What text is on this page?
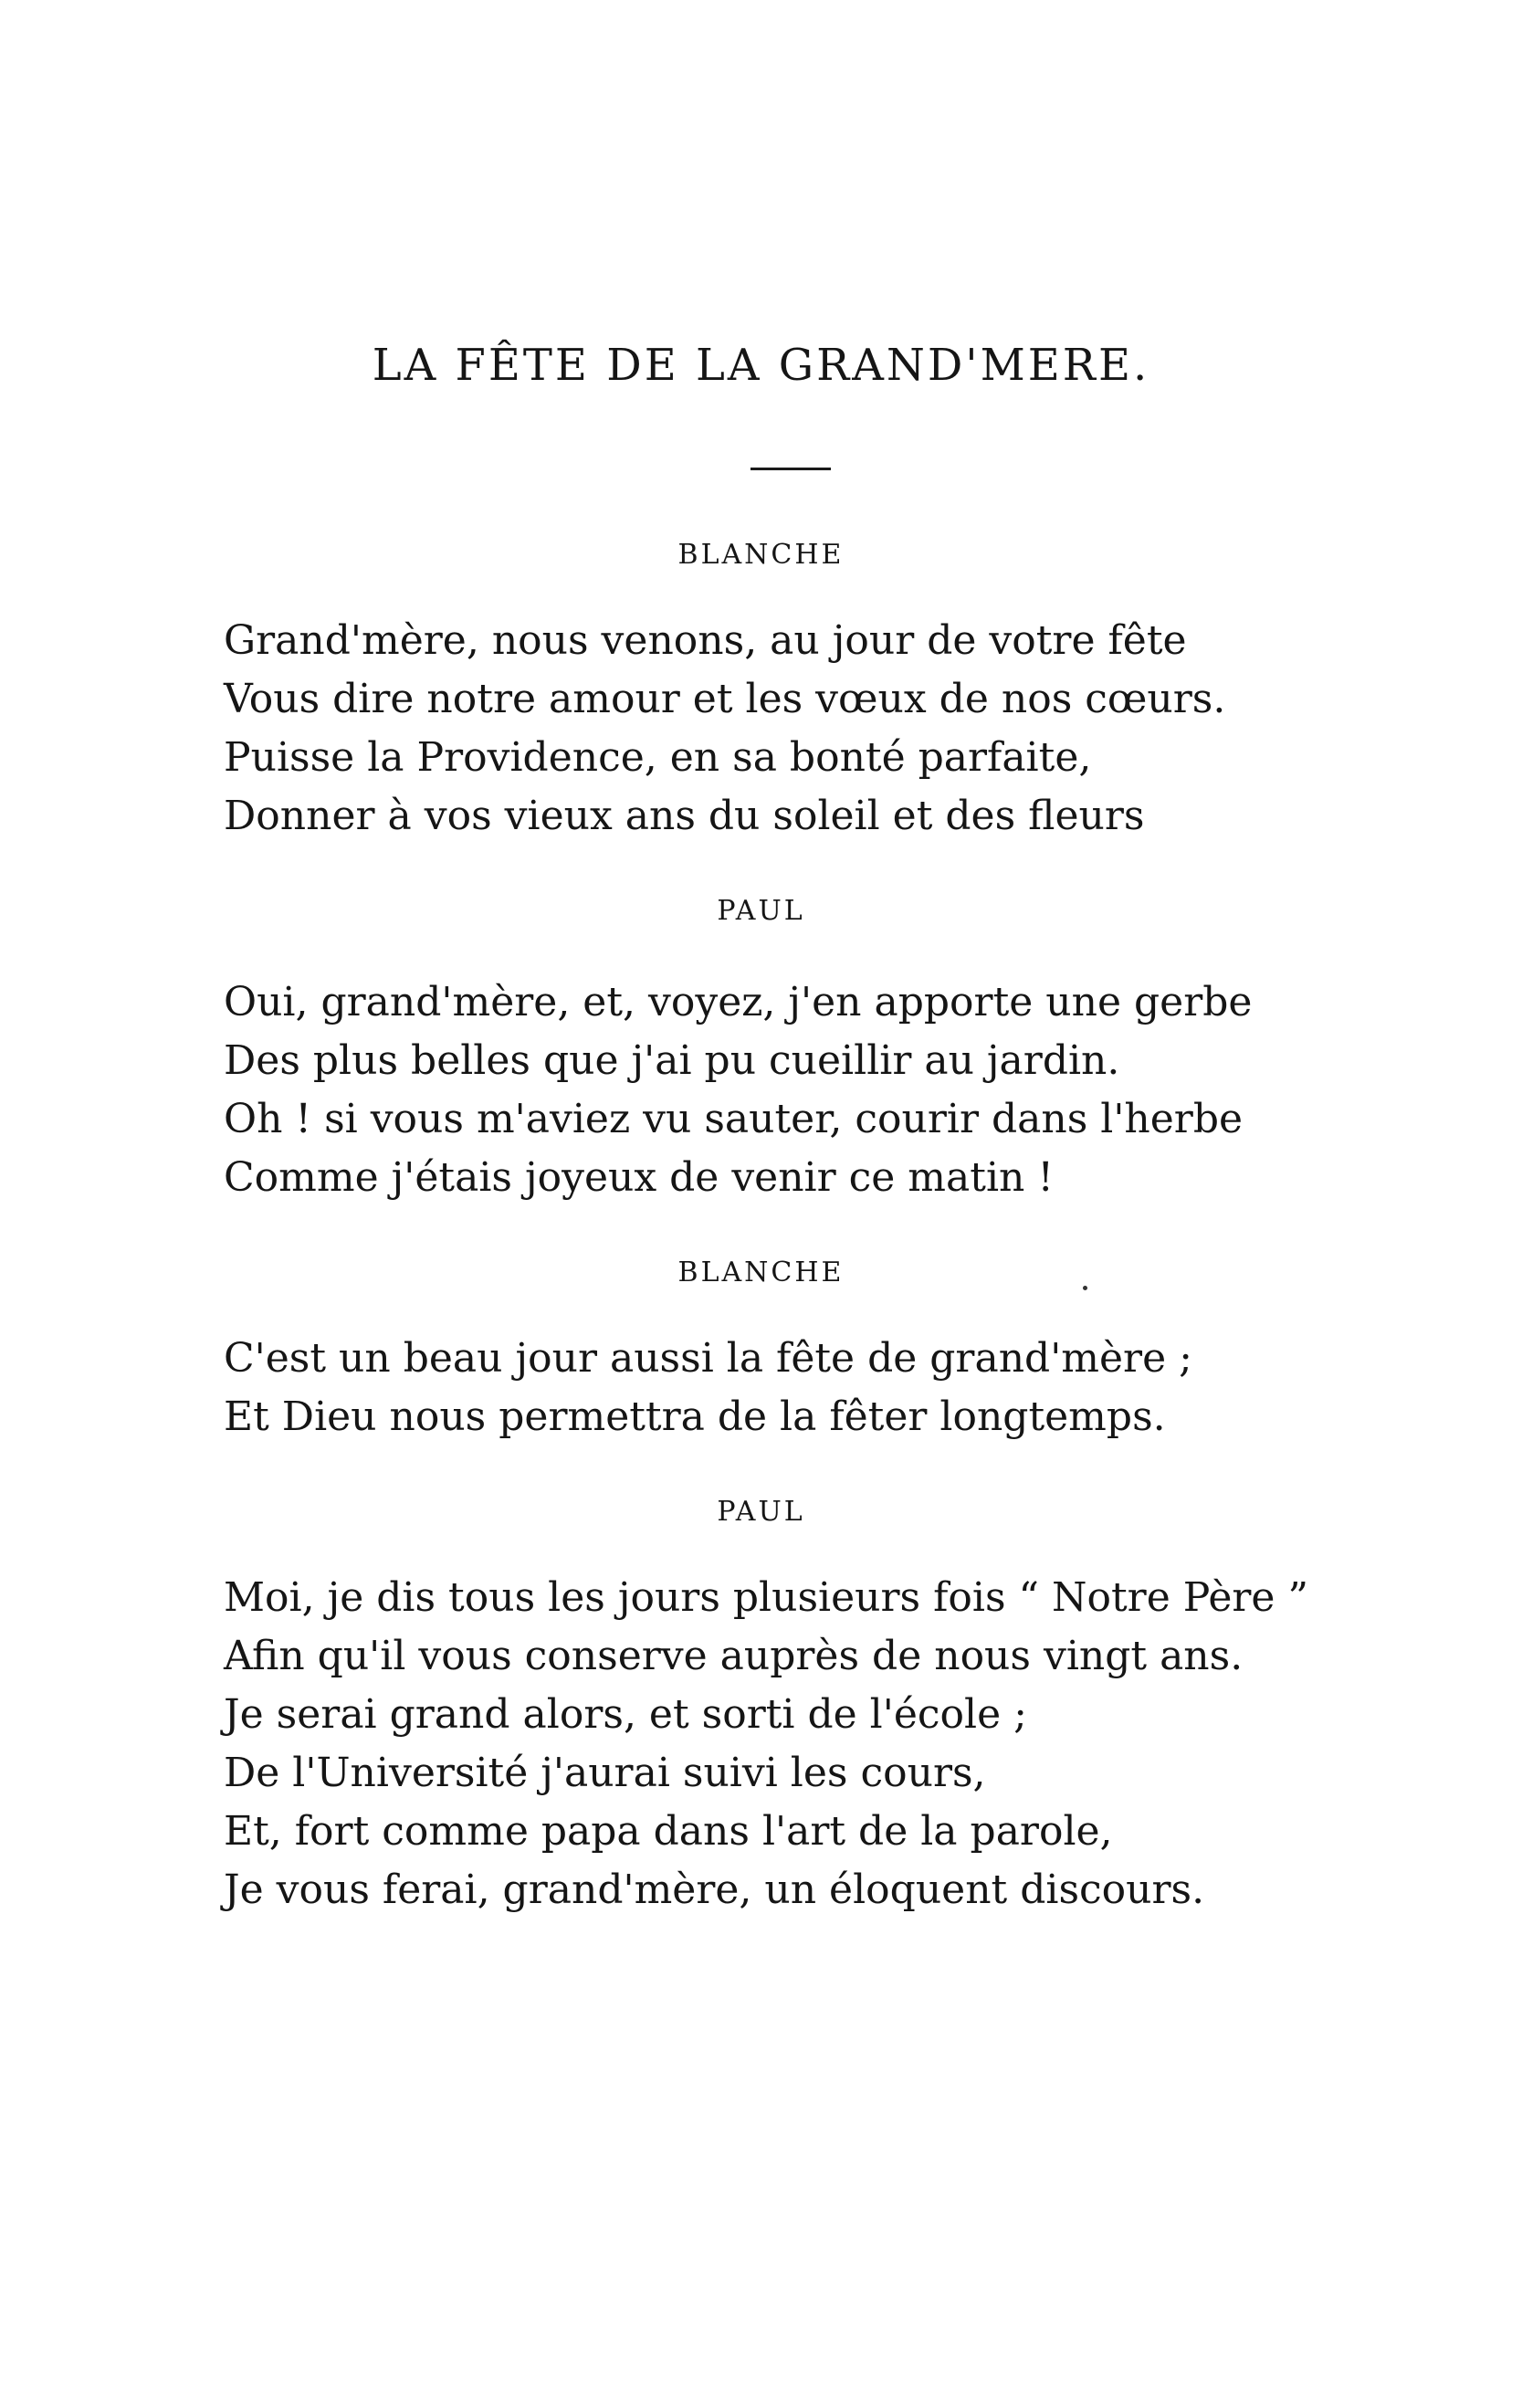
LA FÊTE DE LA GRAND'MERE.

BLANCHE

Grand'mère, nous venons, au jour de votre fête
Vous dire notre amour et les vœux de nos cœurs.
Puisse la Providence, en sa bonté parfaite,
Donner à vos vieux ans du soleil et des fleurs

PAUL

Oui, grand'mère, et, voyez, j'en apporte une gerbe
Des plus belles que j'ai pu cueillir au jardin.
Oh ! si vous m'aviez vu sauter, courir dans l'herbe
Comme j'étais joyeux de venir ce matin !

BLANCHE

C'est un beau jour aussi la fête de grand'mère ;
Et Dieu nous permettra de la fêter longtemps.

PAUL

Moi, je dis tous les jours plusieurs fois “ Notre Père ”
Afin qu'il vous conserve auprès de nous vingt ans.
Je serai grand alors, et sorti de l'école ;
De l'Université j'aurai suivi les cours,
Et, fort comme papa dans l'art de la parole,
Je vous ferai, grand'mère, un éloquent discours.
